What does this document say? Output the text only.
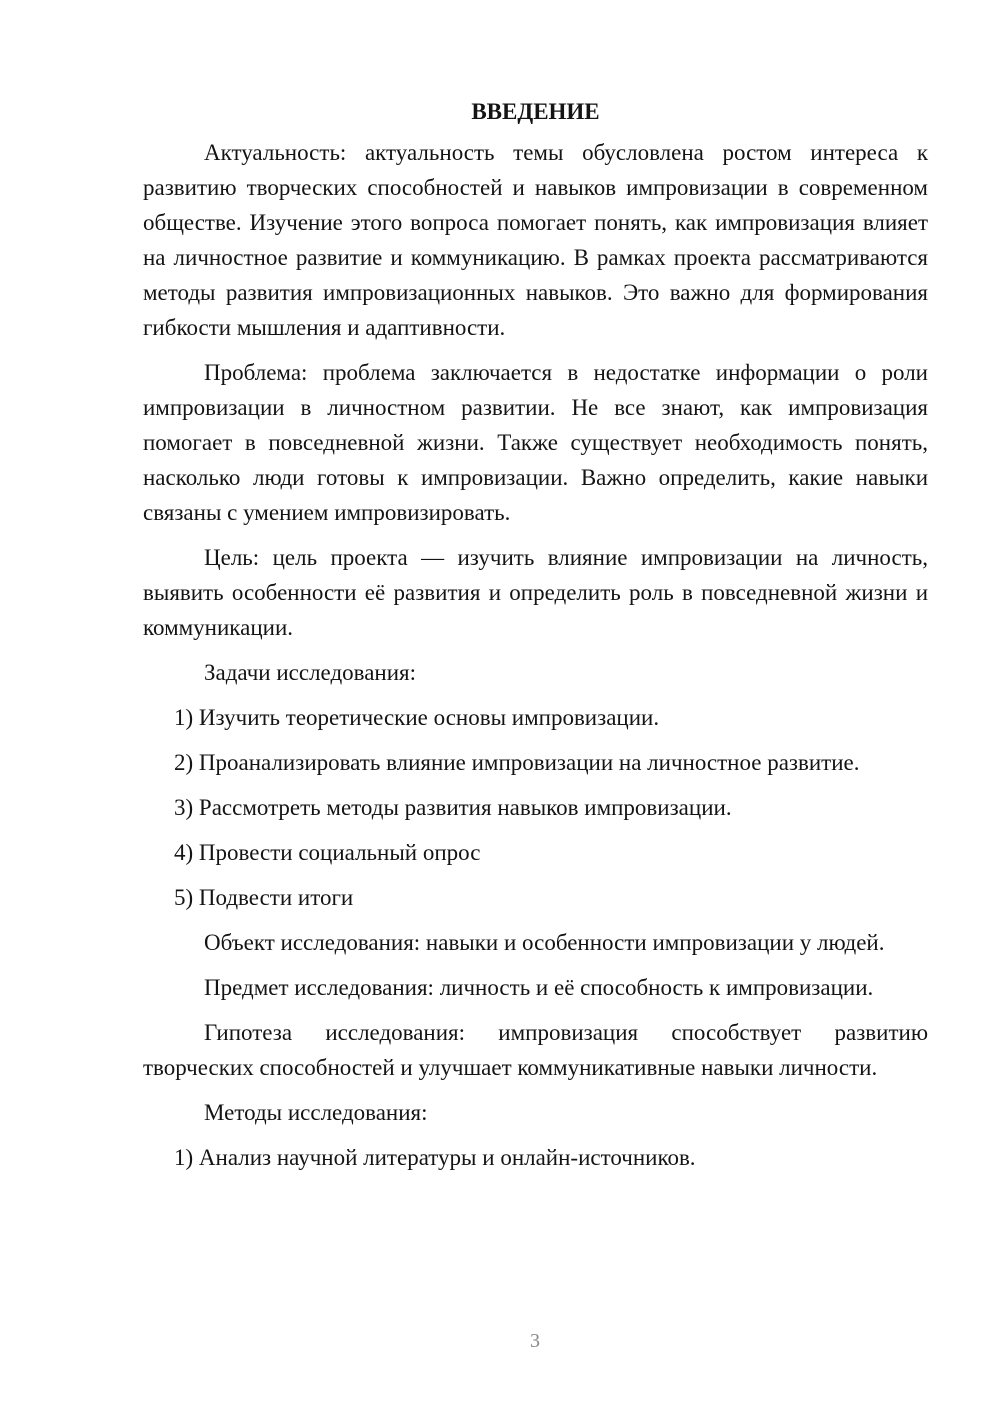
ВВЕДЕНИЕ

Актуальность: актуальность темы обусловлена ростом интереса к развитию творческих способностей и навыков импровизации в современном обществе. Изучение этого вопроса помогает понять, как импровизация влияет на личностное развитие и коммуникацию. В рамках проекта рассматриваются методы развития импровизационных навыков. Это важно для формирования гибкости мышления и адаптивности.

Проблема: проблема заключается в недостатке информации о роли импровизации в личностном развитии. Не все знают, как импровизация помогает в повседневной жизни. Также существует необходимость понять, насколько люди готовы к импровизации. Важно определить, какие навыки связаны с умением импровизировать.

Цель: цель проекта — изучить влияние импровизации на личность, выявить особенности её развития и определить роль в повседневной жизни и коммуникации.

Задачи исследования:

1) Изучить теоретические основы импровизации.

2) Проанализировать влияние импровизации на личностное развитие.

3) Рассмотреть методы развития навыков импровизации.

4) Провести социальный опрос

5) Подвести итоги

Объект исследования: навыки и особенности импровизации у людей.

Предмет исследования: личность и её способность к импровизации.

Гипотеза исследования: импровизация способствует развитию творческих способностей и улучшает коммуникативные навыки личности.

Методы исследования:

1) Анализ научной литературы и онлайн-источников.

3
